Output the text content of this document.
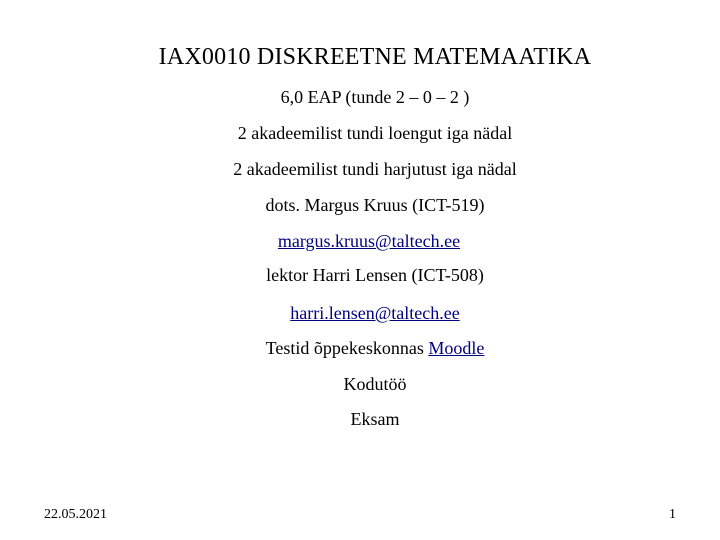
IAX0010 DISKREETNE MATEMAATIKA
6,0 EAP (tunde 2 – 0 – 2 )
2 akadeemilist tundi loengut iga nädal
2 akadeemilist tundi harjutust iga nädal
dots. Margus Kruus (ICT-519)
margus.kruus@taltech.ee
lektor Harri Lensen (ICT-508)
harri.lensen@taltech.ee
Testid õppekeskonnas Moodle
Kodutöö
Eksam
22.05.2021	1
